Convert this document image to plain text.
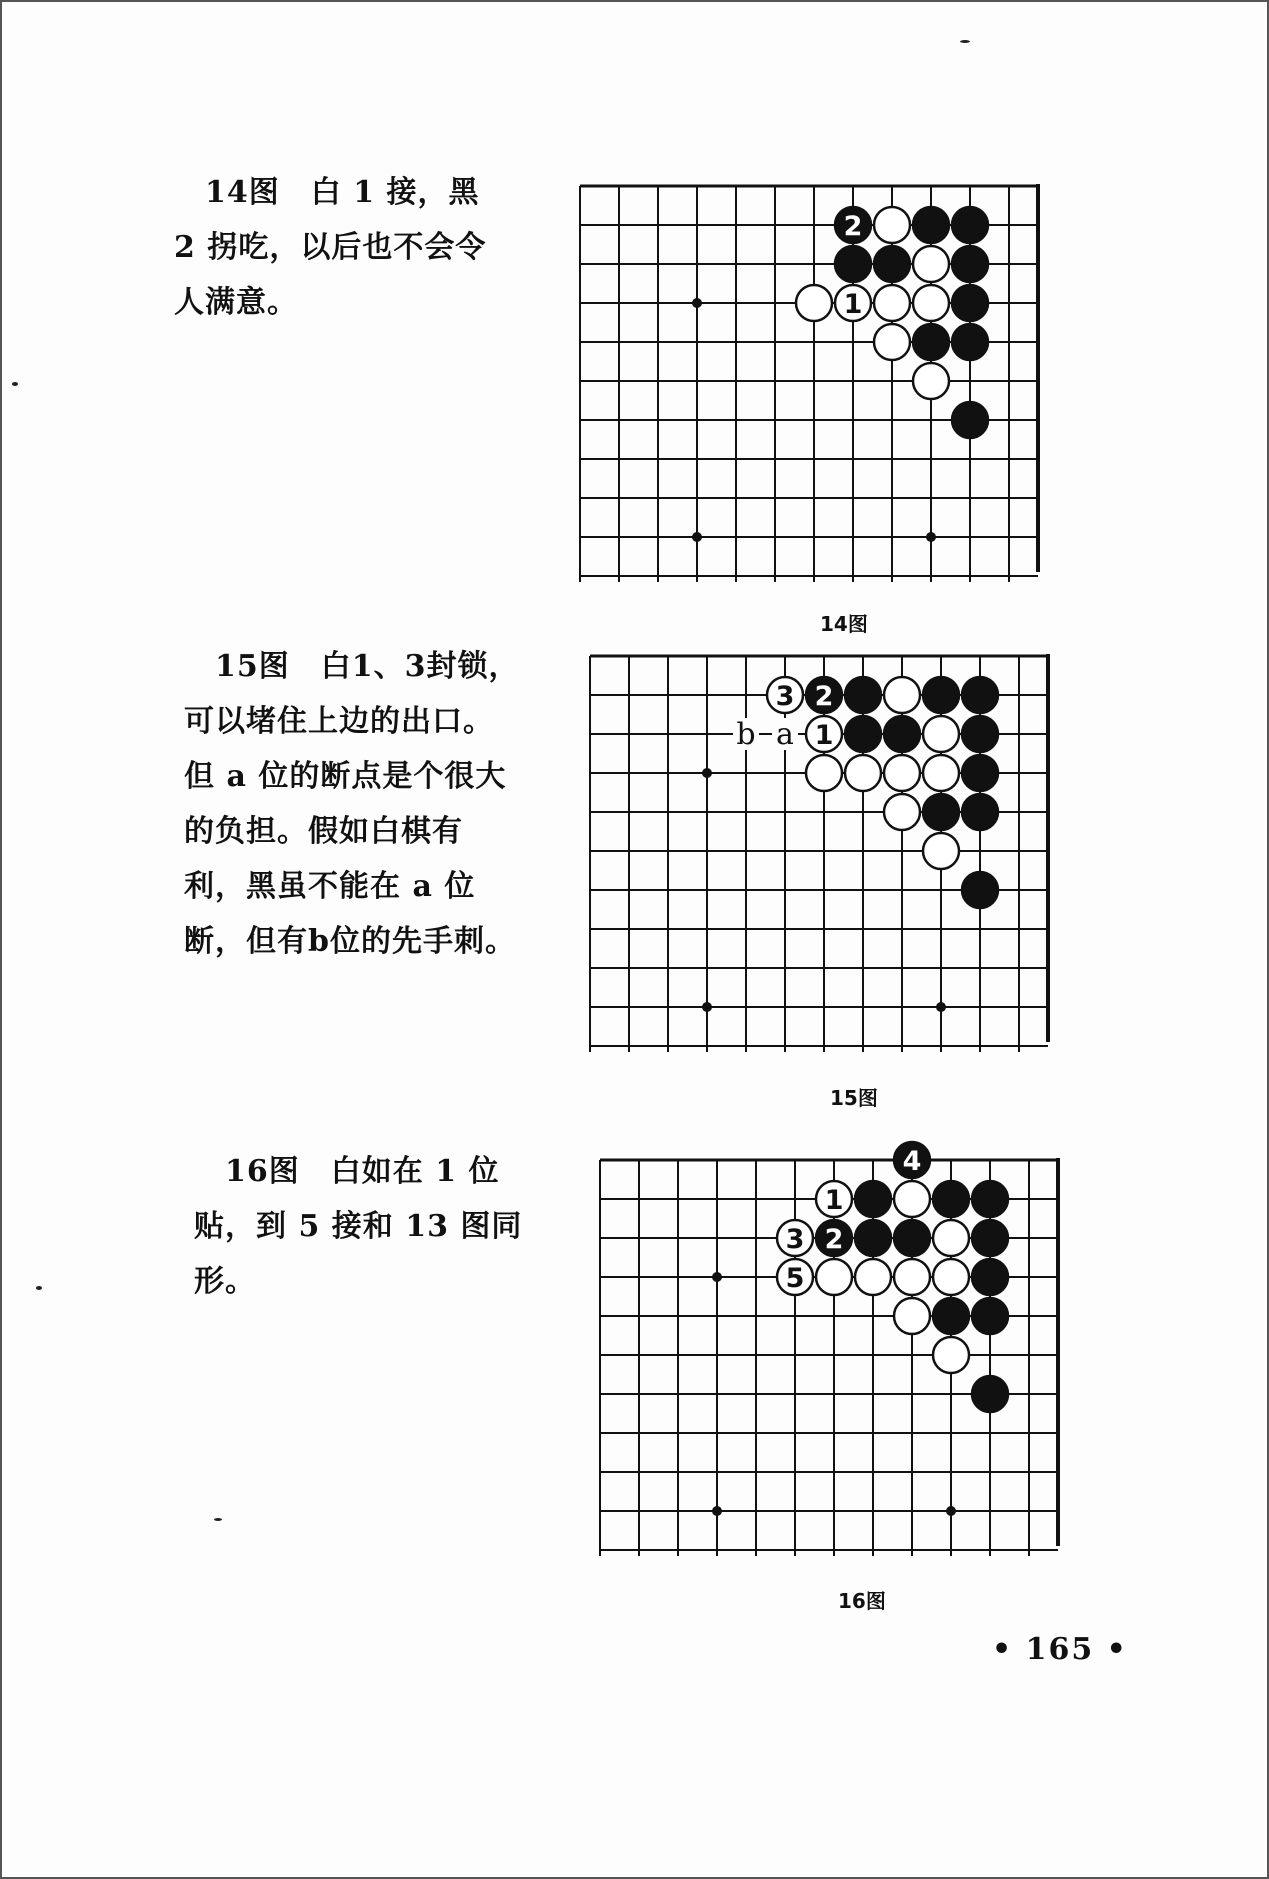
　14图　白 1 接，黑
2 拐吃，以后也不会令
人满意。
　15图　白1、3封锁，
可以堵住上边的出口。
但 a 位的断点是个很大
的负担。假如白棋有
利，黑虽不能在 a 位
断，但有b位的先手刺。
　16图　白如在 1 位
贴，到 5 接和 13 图同
形。
2
1
14图
b a
3 2
1
15图
4
1
3 2
5
16图
• 165 •
